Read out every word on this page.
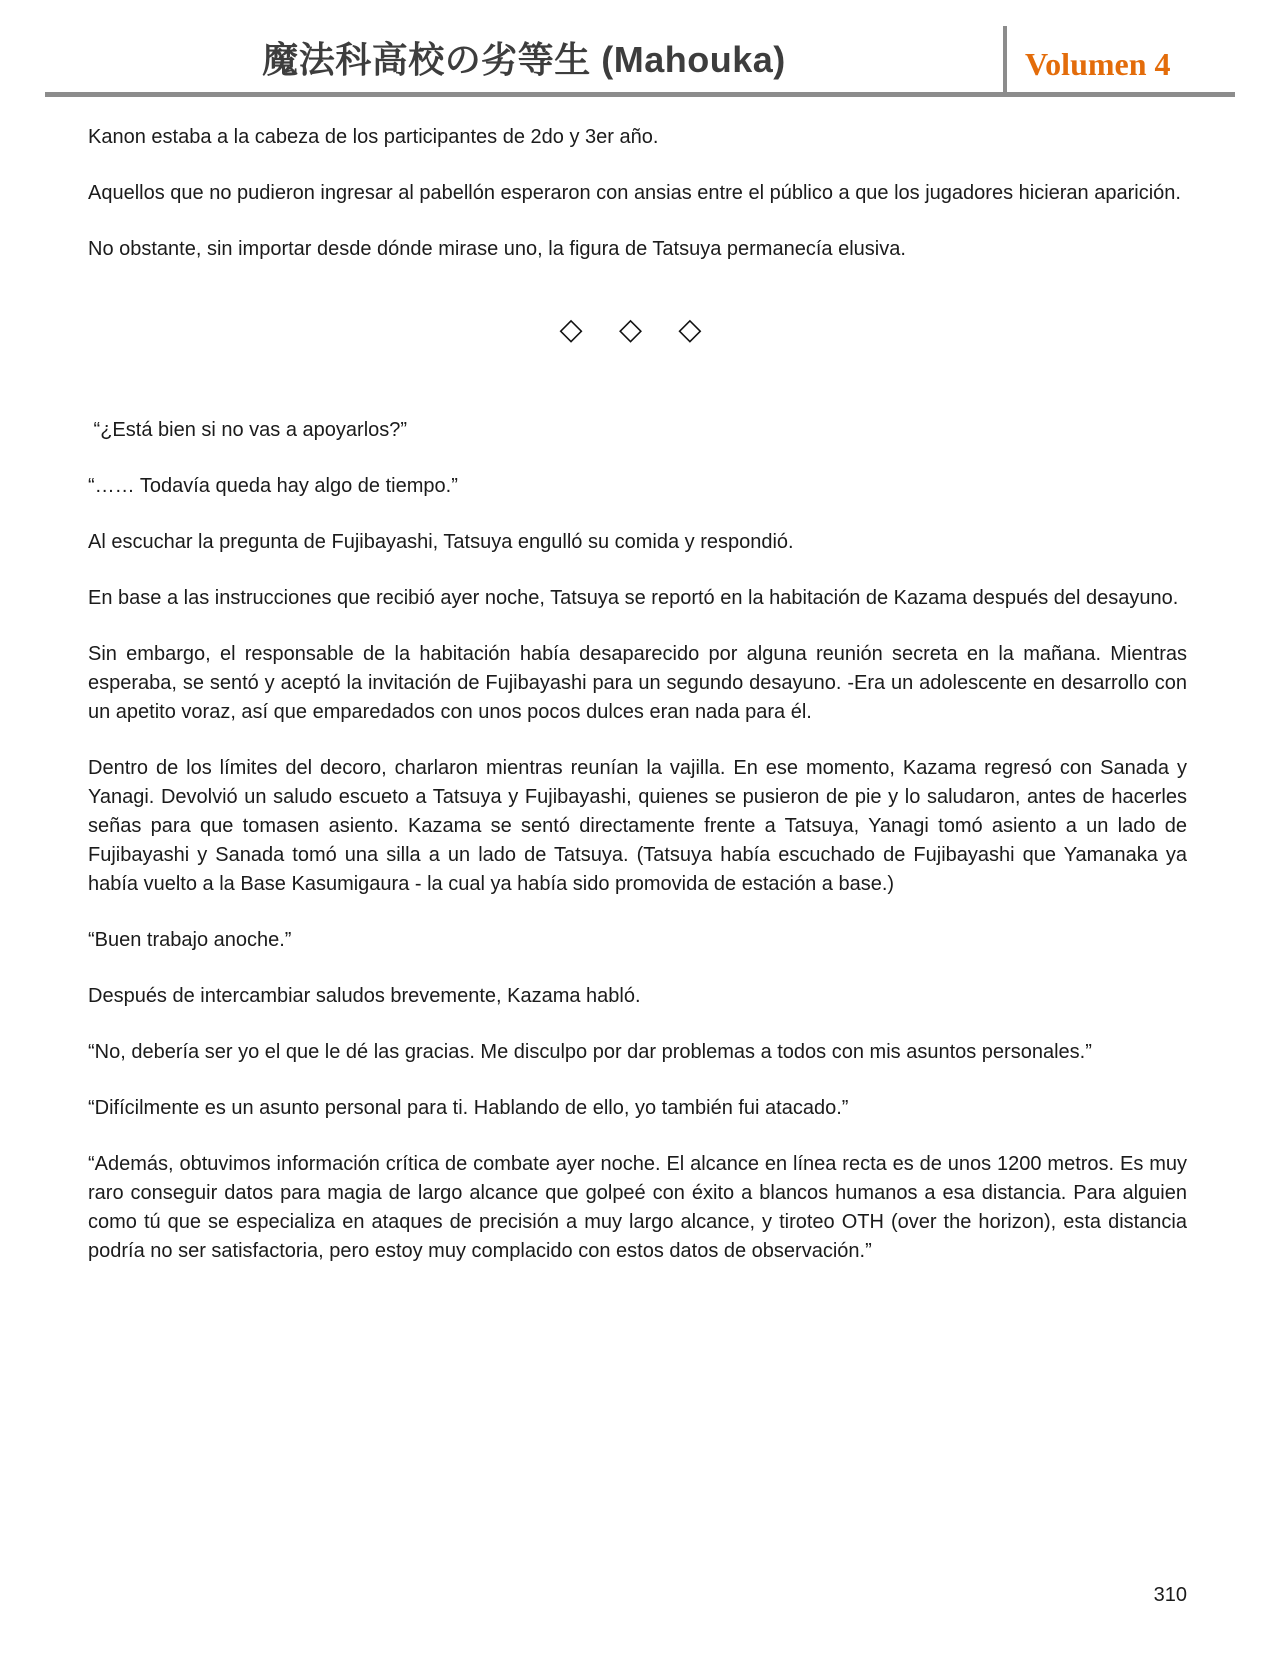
魔法科高校の劣等生 (Mahouka)	Volumen 4

Kanon estaba a la cabeza de los participantes de 2do y 3er año.

Aquellos que no pudieron ingresar al pabellón esperaron con ansias entre el público a que los jugadores hicieran aparición.

No obstante, sin importar desde dónde mirase uno, la figura de Tatsuya permanecía elusiva.

◇ ◇ ◇

“¿Está bien si no vas a apoyarlos?”

“…… Todavía queda hay algo de tiempo.”

Al escuchar la pregunta de Fujibayashi, Tatsuya engulló su comida y respondió.

En base a las instrucciones que recibió ayer noche, Tatsuya se reportó en la habitación de Kazama después del desayuno.

Sin embargo, el responsable de la habitación había desaparecido por alguna reunión secreta en la mañana. Mientras esperaba, se sentó y aceptó la invitación de Fujibayashi para un segundo desayuno. -Era un adolescente en desarrollo con un apetito voraz, así que emparedados con unos pocos dulces eran nada para él.

Dentro de los límites del decoro, charlaron mientras reunían la vajilla. En ese momento, Kazama regresó con Sanada y Yanagi. Devolvió un saludo escueto a Tatsuya y Fujibayashi, quienes se pusieron de pie y lo saludaron, antes de hacerles señas para que tomasen asiento. Kazama se sentó directamente frente a Tatsuya, Yanagi tomó asiento a un lado de Fujibayashi y Sanada tomó una silla a un lado de Tatsuya. (Tatsuya había escuchado de Fujibayashi que Yamanaka ya había vuelto a la Base Kasumigaura - la cual ya había sido promovida de estación a base.)

“Buen trabajo anoche.”

Después de intercambiar saludos brevemente, Kazama habló.

“No, debería ser yo el que le dé las gracias. Me disculpo por dar problemas a todos con mis asuntos personales.”

“Difícilmente es un asunto personal para ti. Hablando de ello, yo también fui atacado.”

“Además, obtuvimos información crítica de combate ayer noche. El alcance en línea recta es de unos 1200 metros. Es muy raro conseguir datos para magia de largo alcance que golpeé con éxito a blancos humanos a esa distancia. Para alguien como tú que se especializa en ataques de precisión a muy largo alcance, y tiroteo OTH (over the horizon), esta distancia podría no ser satisfactoria, pero estoy muy complacido con estos datos de observación.”

310
